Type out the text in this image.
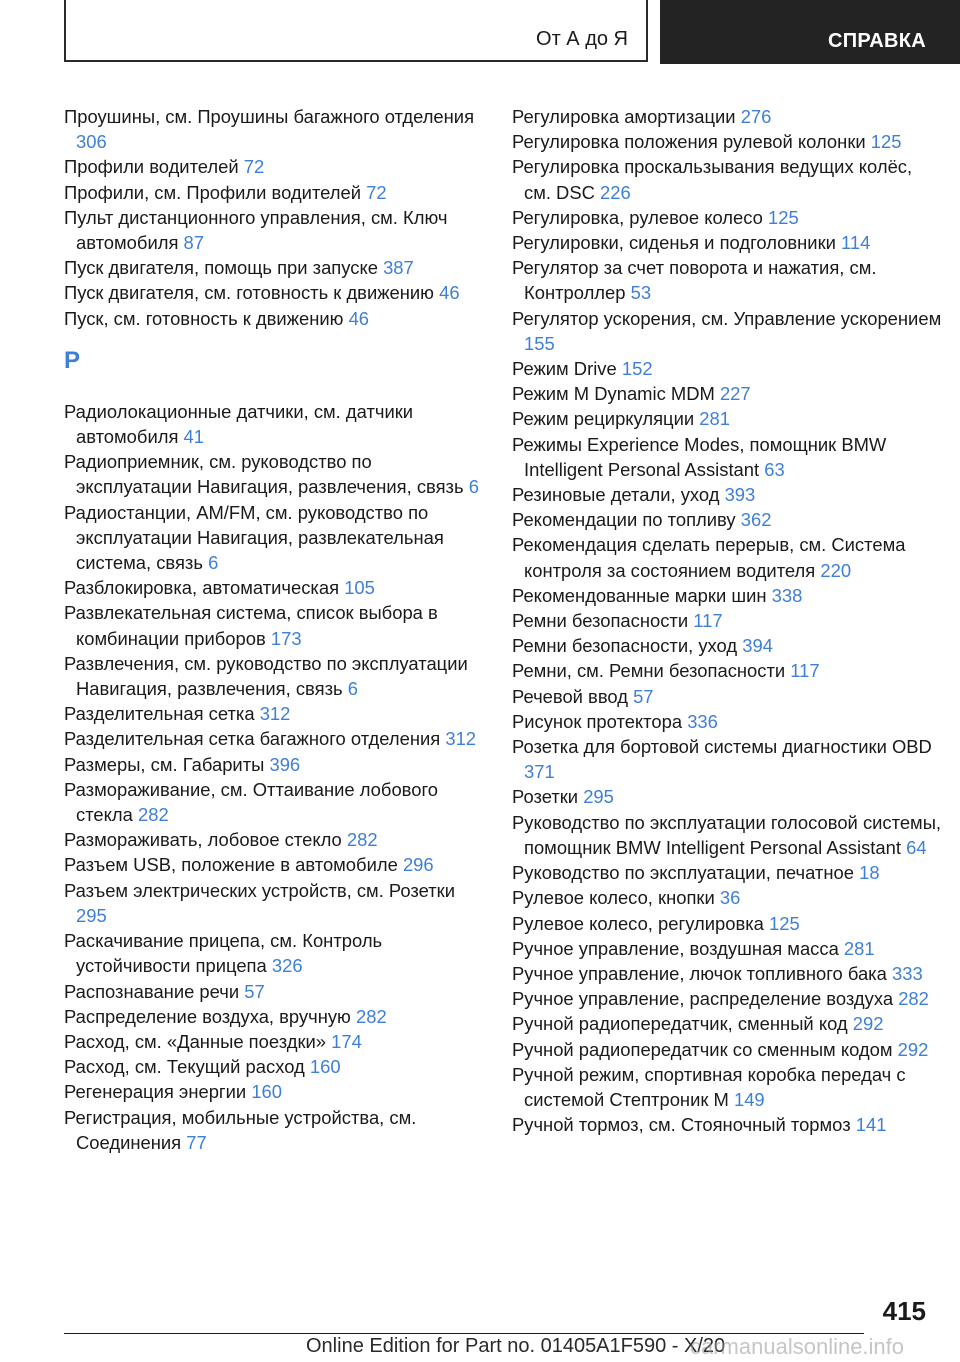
От А до Я	СПРАВКА
Проушины, см. Проушины багажного отделения 306
Профили водителей 72
Профили, см. Профили водителей 72
Пульт дистанционного управления, см. Ключ автомобиля 87
Пуск двигателя, помощь при запуске 387
Пуск двигателя, см. готовность к движению 46
Пуск, см. готовность к движению 46
Р
Радиолокационные датчики, см. датчики автомобиля 41
Радиоприемник, см. руководство по эксплуатации Навигация, развлечения, связь 6
Радиостанции, AM/FM, см. руководство по эксплуатации Навигация, развлекательная система, связь 6
Разблокировка, автоматическая 105
Развлекательная система, список выбора в комбинации приборов 173
Развлечения, см. руководство по эксплуатации Навигация, развлечения, связь 6
Разделительная сетка 312
Разделительная сетка багажного отделения 312
Размеры, см. Габариты 396
Размораживание, см. Оттаивание лобового стекла 282
Размораживать, лобовое стекло 282
Разъем USB, положение в автомобиле 296
Разъем электрических устройств, см. Розетки 295
Раскачивание прицепа, см. Контроль устойчивости прицепа 326
Распознавание речи 57
Распределение воздуха, вручную 282
Расход, см. «Данные поездки» 174
Расход, см. Текущий расход 160
Регенерация энергии 160
Регистрация, мобильные устройства, см. Соединения 77
Регулировка амортизации 276
Регулировка положения рулевой колонки 125
Регулировка проскальзывания ведущих колёс, см. DSC 226
Регулировка, рулевое колесо 125
Регулировки, сиденья и подголовники 114
Регулятор за счет поворота и нажатия, см. Контроллер 53
Регулятор ускорения, см. Управление ускорением 155
Режим Drive 152
Режим M Dynamic MDM 227
Режим рециркуляции 281
Режимы Experience Modes, помощник BMW Intelligent Personal Assistant 63
Резиновые детали, уход 393
Рекомендации по топливу 362
Рекомендация сделать перерыв, см. Система контроля за состоянием водителя 220
Рекомендованные марки шин 338
Ремни безопасности 117
Ремни безопасности, уход 394
Ремни, см. Ремни безопасности 117
Речевой ввод 57
Рисунок протектора 336
Розетка для бортовой системы диагностики OBD 371
Розетки 295
Руководство по эксплуатации голосовой системы, помощник BMW Intelligent Personal Assistant 64
Руководство по эксплуатации, печатное 18
Рулевое колесо, кнопки 36
Рулевое колесо, регулировка 125
Ручное управление, воздушная масса 281
Ручное управление, лючок топливного бака 333
Ручное управление, распределение воздуха 282
Ручной радиопередатчик, сменный код 292
Ручной радиопередатчик со сменным кодом 292
Ручной режим, спортивная коробка передач с системой Стептроник M 149
Ручной тормоз, см. Стояночный тормоз 141
415
Online Edition for Part no. 01405A1F590 - X/20
carmanualsonline.info
